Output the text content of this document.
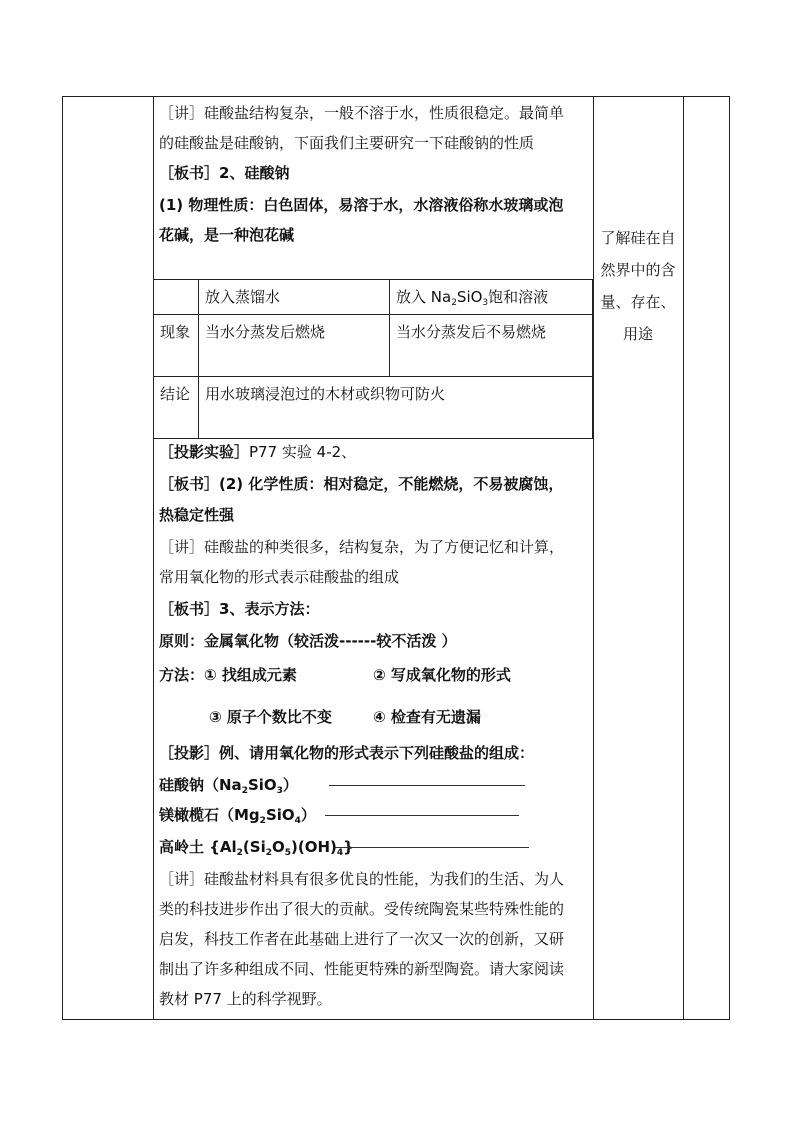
［讲］硅酸盐结构复杂，一般不溶于水，性质很稳定。最简单

的硅酸盐是硅酸钠，下面我们主要研究一下硅酸钠的性质

［板书］2、硅酸钠

(1) 物理性质：白色固体，易溶于水，水溶液俗称水玻璃或泡

花碱，是一种泡花碱

	放入蒸馏水	放入 $Na_2SiO_3$饱和溶液
现象	当水分蒸发后燃烧	当水分蒸发后不易燃烧
结论	用水玻璃浸泡过的木材或织物可防火	

［投影实验］P77 实验 4-2、

［板书］(2) 化学性质：相对稳定，不能燃烧，不易被腐蚀，

热稳定性强

［讲］硅酸盐的种类很多，结构复杂，为了方便记忆和计算，

常用氧化物的形式表示硅酸盐的组成

［板书］3、表示方法：

原则：金属氧化物（较活泼------较不活泼 ）

方法：① 找组成元素	② 写成氧化物的形式

③ 原子个数比不变	④ 检查有无遗漏

［投影］例、请用氧化物的形式表示下列硅酸盐的组成：

硅酸钠$(Na_2SiO_3)$

镁橄榄石$(Mg_2SiO_4)$

高岭土 $\{Al_2(Si_2O_5)(OH)_4\}$

［讲］硅酸盐材料具有很多优良的性能，为我们的生活、为人

类的科技进步作出了很大的贡献。受传统陶瓷某些特殊性能的

启发，科技工作者在此基础上进行了一次又一次的创新，又研

制出了许多种组成不同、性能更特殊的新型陶瓷。请大家阅读

教材 P77 上的科学视野。

了解硅在自然界中的含量、存在、用途
